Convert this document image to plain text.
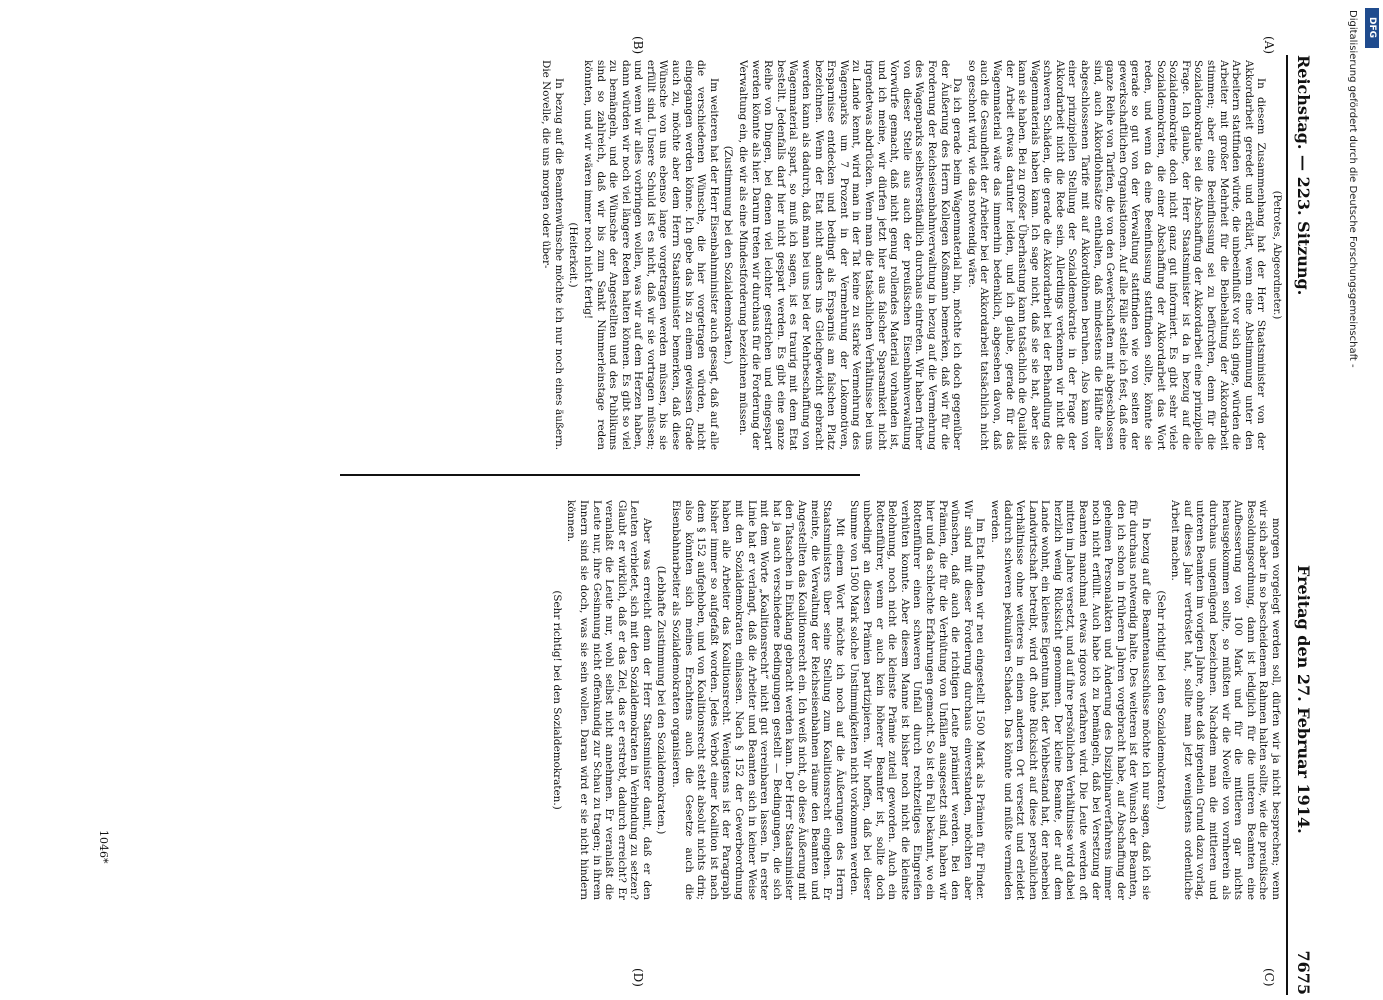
Digitalisierung gefördert durch die Deutsche Forschungsgemeinschaft - DFG
Reichstag. — 223. Sitzung.
Freitag den 27. Februar 1914.
7675
(A)
(B)
(C)
(D)

(Petrotes, Abgeordneter.)

In diesem Zusammenhang hat der Herr Staatsminister von der Akkordarbeit geredet und erklärt, wenn eine Abstimmung unter den Arbeitern stattfinden würde, die unbeeinflußt vor sich ginge, würden die Arbeiter mit großer Mehrheit für die Beibehaltung der Akkordarbeit stimmen; aber eine Beeinflussung sei zu befürchten, denn für die Sozialdemokratie sei die Abschaffung der Akkordarbeit eine prinzipielle Frage. Ich glaube, der Herr Staatsminister ist da in bezug auf die Sozialdemokratie doch nicht ganz gut informiert. Es gibt sehr viele Sozialdemokraten, die einer Abschaffung der Akkordarbeit das Wort reden, und wenn da eine Beeinflussung stattfinden sollte, könnte sie gerade so gut von der Verwaltung stattfinden wie von seiten der gewerkschaftlichen Organisationen. Auf alle Fälle stelle ich fest, daß eine ganze Reihe von Tarifen, die von den Gewerkschaften mit abgeschlossen sind, auch Akkordlohnsätze enthalten, daß mindestens die Hälfte aller abgeschlossenen Tarife mit auf Akkordlöhnen beruhen. Also kann von einer prinzipiellen Stellung der Sozialdemokratie in der Frage der Akkordarbeit nicht die Rede sein. Allerdings verkennen wir nicht die schweren Schäden, die gerade die Akkordarbeit bei der Behandlung des Wagenmaterials haben kann. Ich sage nicht, daß sie sie hat, aber sie kann sie haben. Bei zu großer Überhastung kann tatsächlich die Qualität der Arbeit etwas darunter leiden, und ich glaube, gerade für das Wagenmaterial wäre das immerhin bedenklich, abgesehen davon, daß auch die Gesundheit der Arbeiter bei der Akkordarbeit tatsächlich nicht so geschont wird, wie das notwendig wäre.

Da ich gerade beim Wagenmaterial bin, möchte ich doch gegenüber der Äußerung des Herrn Kollegen Koßmann bemerken, daß wir für die Forderung der Reichseisenbahnverwaltung in bezug auf die Vermehrung des Wagenparks selbstverständlich durchaus eintreten. Wir haben früher von dieser Stelle aus auch der preußischen Eisenbahnverwaltung Vorwürfe gemacht, daß nicht genug rollendes Material vorhanden ist, und ich meine, wir dürfen jetzt hier aus falscher Sparsamkeit nicht irgendetwas abdrücken. Wenn man die tatsächlichen Verhältnisse bei uns zu Lande kennt, wird man in der Tat keine zu starke Vermehrung des Wagenparks um 7 Prozent in der Vermehrung der Lokomotiven, Ersparnisse entdecken und bedingt als Ersparnis am falschen Platz bezeichnen. Wenn der Etat nicht anders ins Gleichgewicht gebracht werden kann als dadurch, daß man bei uns bei der Mehrbeschaffung von Wagenmaterial spart, so muß ich sagen, ist es traurig mit dem Etat bestellt. Jedenfalls darf hier nicht gespart werden. Es gibt eine ganze Reihe von Dingen, bei denen viel leichter gestrichen und eingespart werden könnte als hier. Darum treten wir durchaus für die Forderung der Verwaltung ein, die wir als eine Mindestforderung bezeichnen müssen.

(Zustimmung bei den Sozialdemokraten.)

Im weiteren hat der Herr Eisenbahnminister auch gesagt, daß auf alle die verschiedenen Wünsche, die hier vorgetragen würden, nicht eingegangen werden könne. Ich gebe das bis zu einem gewissen Grade auch zu, möchte aber dem Herrn Staatsminister bemerken, daß diese Wünsche von uns ebenso lange vorgetragen werden müssen, bis sie erfüllt sind. Unsere Schuld ist es nicht, daß wir sie vortragen müssen; und wenn wir alles vorbringen wollen, was wir auf dem Herzen haben, dann würden wir noch viel längere Reden halten können. Es gibt so viel zu bemängeln, und die Wünsche der Angestellten und des Publikums sind so zahlreich, daß wir bis zum Sankt Nimmerleinstage reden könnten, und wir wären immer noch nicht fertig!

(Heiterkeit.)

In bezug auf die Beamtenwünsche möchte ich nur noch eines äußern. Die Novelle, die uns morgen oder über-

morgen vorgelegt werden soll, dürfen wir ja nicht besprechen; wenn wir sich aber in so bescheidenem Rahmen halten sollte, wie die preußische Besoldungsordnung, dann ist lediglich für die unteren Beamten eine Aufbesserung von 100 Mark und für die mittleren gar nichts herausgekommen sollte, so müßten wir die Novelle von vornherein als durchaus ungenügend bezeichnen. Nachdem man die mittleren und unteren Beamten im vorigen Jahre, ohne daß irgendein Grund dazu vorlag, auf dieses Jahr vertröstet hat, sollte man jetzt wenigstens ordentliche Arbeit machen.

(Sehr richtig! bei den Sozialdemokraten.)

In bezug auf die Beamtenausschüsse möchte ich nur sagen, daß ich sie für durchaus notwendig halte. Des weiteren ist der Wunsch der Beamten, den ich schon in früheren Jahren vorgebracht habe, auf Abschaffung der geheimen Personalakten und Änderung des Disziplinarverfahrens immer noch nicht erfüllt. Auch habe ich zu bemängeln, daß bei Versetzung der Beamten manchmal etwas rigoros verfahren wird. Die Leute werden oft mitten im Jahre versetzt, und auf ihre persönlichen Verhältnisse wird dabei herzlich wenig Rücksicht genommen. Der kleine Beamte, der auf dem Lande wohnt, ein kleines Eigentum hat, der Viehbestand hat, der nebenbei Landwirtschaft betreibt, wird oft ohne Rücksicht auf diese persönlichen Verhältnisse ohne weiteres in einen anderen Ort versetzt und erleidet dadurch schweren pekuniären Schaden. Das könnte und müßte vermieden werden.

Im Etat finden wir neu eingestellt 1500 Mark als Prämien für Finder. Wir sind mit dieser Forderung durchaus einverstanden, möchten aber wünschen, daß auch die richtigen Leute prämiiert werden. Bei den Prämien, die für die Verhütung von Unfällen ausgesetzt sind, haben wir hier und da schlechte Erfahrungen gemacht. So ist ein Fall bekannt, wo ein Rottenführer einen schweren Unfall durch rechtzeitiges Eingreifen verhüten konnte. Aber diesem Manne ist bisher noch nicht die kleinste Belohnung, noch nicht die kleinste Prämie zuteil geworden. Auch ein Rottenführer, wenn er auch kein höherer Beamter ist, sollte doch unbedingt an diesen Prämien partizipieren. Wir hoffen, daß bei dieser Summe von 1500 Mark solche Unstimmigkeiten nicht vorkommen werden.

Mit einem Wort möchte ich noch auf die Äußerungen des Herrn Staatsministers über seine Stellung zum Koalitionsrecht eingehen. Er meinte, die Verwaltung der Reichseisenbahnen räume den Beamten und Angestellten das Koalitionsrecht ein. Ich weiß nicht, ob diese Äußerung mit den Tatsachen in Einklang gebracht werden kann. Der Herr Staatsminister hat ja auch verschiedene Bedingungen gestellt — Bedingungen, die sich mit dem Worte „Koalitionsrecht“ nicht gut vereinbaren lassen. In erster Linie hat er verlangt, daß die Arbeiter und Beamten sich in keiner Weise mit den Sozialdemokraten einlassen. Nach § 152 der Gewerbeordnung haben alle Arbeiter das Koalitionsrecht. Wenigstens ist der Paragraph bisher immer so aufgefaßt worden. Jedes Verbot einer Koalition ist nach dem § 152 aufgehoben, und von Koalitionsrecht steht absolut nichts drin; also könnten sich meines Erachtens auch die Gesetze auch die Eisenbahnarbeiter als Sozialdemokraten organisieren.

(Lebhafte Zustimmung bei den Sozialdemokraten.)

Aber was erreicht denn der Herr Staatsminister damit, daß er den Leuten verbietet, sich mit den Sozialdemokraten in Verbindung zu setzen? Glaubt er wirklich, daß er das Ziel, das er erstrebt, dadurch erreicht? Er veranlaßt die Leute nur, wohl selbst nicht annehmen. Er veranlaßt die Leute nur, ihre Gesinnung nicht offenkundig zur Schau zu tragen; in ihrem Innern sind sie doch, was sie sein wollen. Daran wird er sie nicht hindern können.

(Sehr richtig! bei den Sozialdemokraten.)

1046*
